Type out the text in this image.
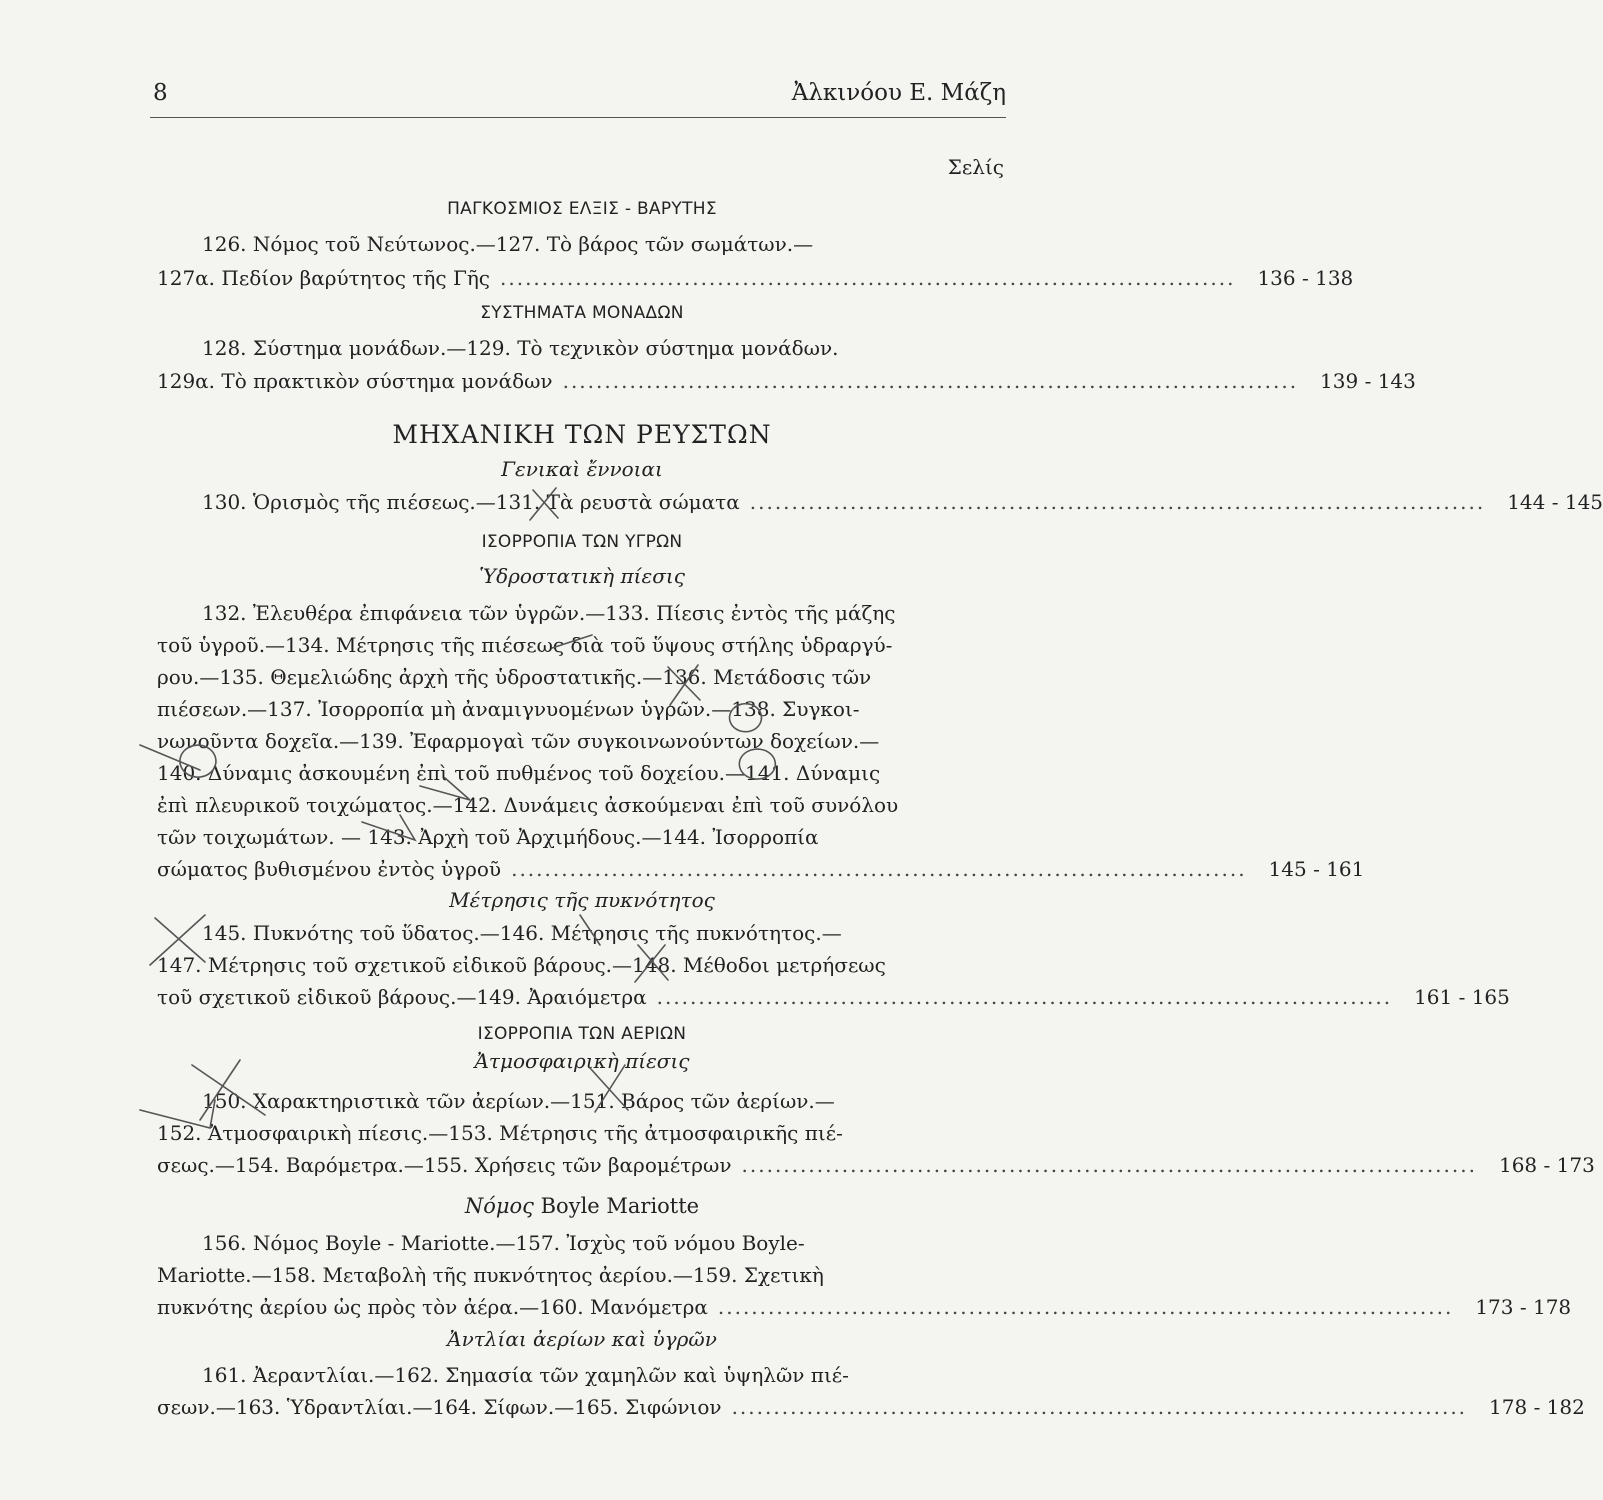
8	Ἀλκινόου Ε. Μάζη
Σελίς
ΠΑΓΚΟΣΜΙΟΣ ΕΛΞΙΣ - ΒΑΡΥΤΗΣ
126. Νόμος τοῦ Νεύτωνος.—127. Τὸ βάρος τῶν σωμάτων.—
127α. Πεδίον βαρύτητος τῆς Γῆς ........................................................................................ 136 - 138
ΣΥΣΤΗΜΑΤΑ ΜΟΝΑΔΩΝ
128. Σύστημα μονάδων.—129. Τὸ τεχνικὸν σύστημα μονάδων.
129α. Τὸ πρακτικὸν σύστημα μονάδων ........................................................................................ 139 - 143
ΜΗΧΑΝΙΚΗ ΤΩΝ ΡΕΥΣΤΩΝ
Γενικαὶ ἔννοιαι
130. Ὁρισμὸς τῆς πιέσεως.—131. Τὰ ρευστὰ σώματα ........................................................................................ 144 - 145
ΙΣΟΡΡΟΠΙΑ ΤΩΝ ΥΓΡΩΝ
Ὑδροστατικὴ πίεσις
132. Ἐλευθέρα ἐπιφάνεια τῶν ὑγρῶν.—133. Πίεσις ἐντὸς τῆς μάζης
τοῦ ὑγροῦ.—134. Μέτρησις τῆς πιέσεως διὰ τοῦ ὕψους στήλης ὑδραργύ-
ρου.—135. Θεμελιώδης ἀρχὴ τῆς ὑδροστατικῆς.—136. Μετάδοσις τῶν
πιέσεων.—137. Ἰσορροπία μὴ ἀναμιγνυομένων ὑγρῶν.—138. Συγκοι-
νωνοῦντα δοχεῖα.—139. Ἐφαρμογαὶ τῶν συγκοινωνούντων δοχείων.—
140. Δύναμις ἀσκουμένη ἐπὶ τοῦ πυθμένος τοῦ δοχείου.—141. Δύναμις
ἐπὶ πλευρικοῦ τοιχώματος.—142. Δυνάμεις ἀσκούμεναι ἐπὶ τοῦ συνόλου
τῶν τοιχωμάτων. — 143. Ἀρχὴ τοῦ Ἀρχιμήδους.—144. Ἰσορροπία
σώματος βυθισμένου ἐντὸς ὑγροῦ ........................................................................................ 145 - 161
Μέτρησις τῆς πυκνότητος
145. Πυκνότης τοῦ ὕδατος.—146. Μέτρησις τῆς πυκνότητος.—
147. Μέτρησις τοῦ σχετικοῦ εἰδικοῦ βάρους.—148. Μέθοδοι μετρήσεως
τοῦ σχετικοῦ εἰδικοῦ βάρους.—149. Ἀραιόμετρα ........................................................................................ 161 - 165
ΙΣΟΡΡΟΠΙΑ ΤΩΝ ΑΕΡΙΩΝ
Ἀτμοσφαιρικὴ πίεσις
150. Χαρακτηριστικὰ τῶν ἀερίων.—151. Βάρος τῶν ἀερίων.—
152. Ἀτμοσφαιρικὴ πίεσις.—153. Μέτρησις τῆς ἀτμοσφαιρικῆς πιέ-
σεως.—154. Βαρόμετρα.—155. Χρήσεις τῶν βαρομέτρων ........................................................................................ 168 - 173
Νόμος Boyle Mariotte
156. Νόμος Boyle - Mariotte.—157. Ἰσχὺς τοῦ νόμου Boyle-
Mariotte.—158. Μεταβολὴ τῆς πυκνότητος ἀερίου.—159. Σχετικὴ
πυκνότης ἀερίου ὡς πρὸς τὸν ἀέρα.—160. Μανόμετρα ........................................................................................ 173 - 178
Ἀντλίαι ἀερίων καὶ ὑγρῶν
161. Ἀεραντλίαι.—162. Σημασία τῶν χαμηλῶν καὶ ὑψηλῶν πιέ-
σεων.—163. Ὑδραντλίαι.—164. Σίφων.—165. Σιφώνιον ........................................................................................ 178 - 182
